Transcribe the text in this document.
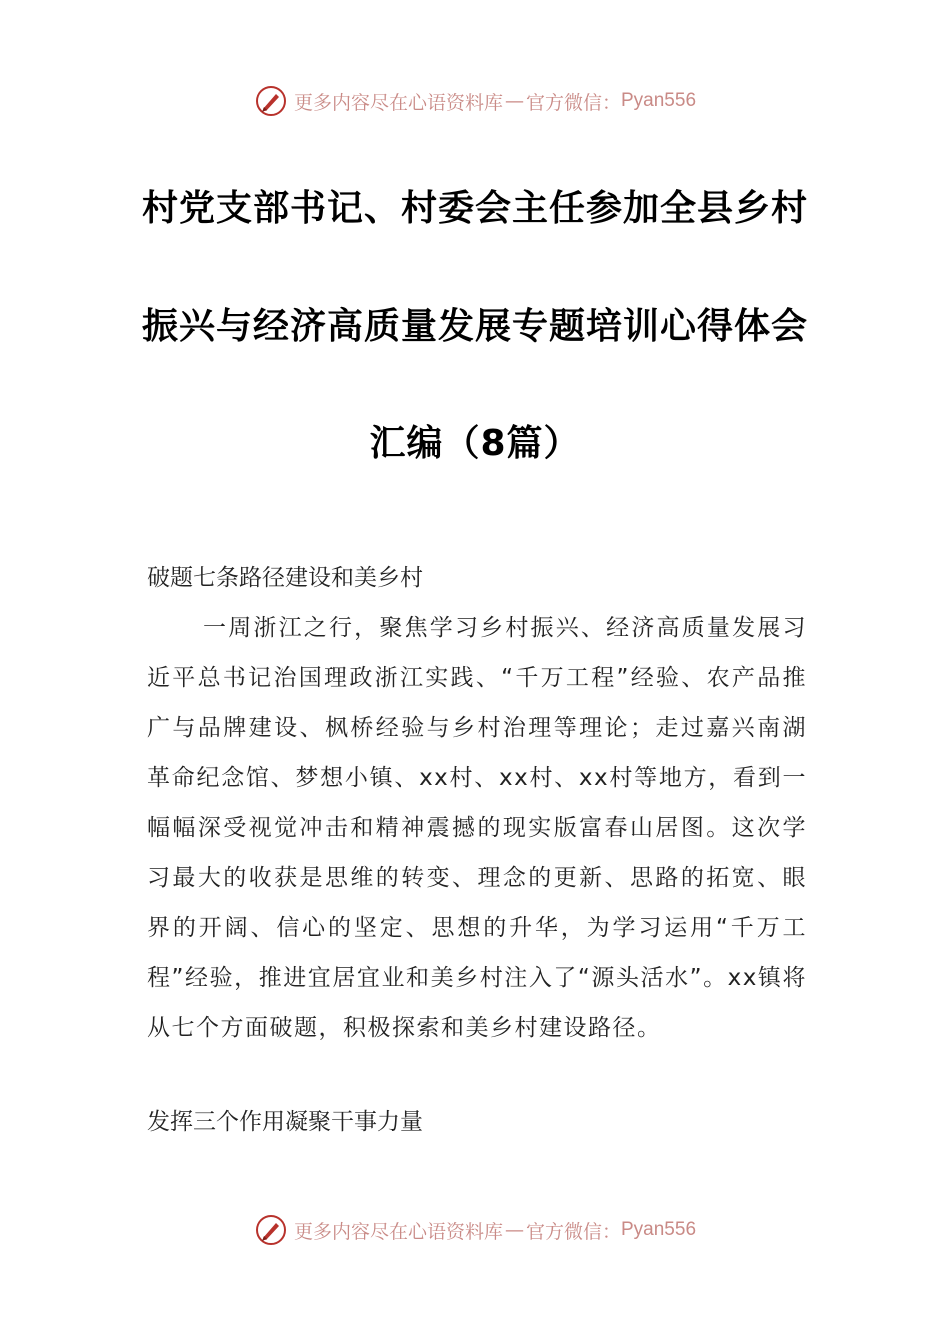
更多内容尽在心语资料库 — 官方微信： Pyan556
村党支部书记、村委会主任参加全县乡村
振兴与经济高质量发展专题培训心得体会
汇编（8篇）
破题七条路径建设和美乡村
一周浙江之行，聚焦学习乡村振兴、经济高质量发展习近平总书记治国理政浙江实践、“千万工程”经验、农产品推广与品牌建设、枫桥经验与乡村治理等理论；走过嘉兴南湖革命纪念馆、梦想小镇、xx村、xx村、xx村等地方，看到一幅幅深受视觉冲击和精神震撼的现实版富春山居图。这次学习最大的收获是思维的转变、理念的更新、思路的拓宽、眼界的开阔、信心的坚定、思想的升华，为学习运用“千万工程”经验，推进宜居宜业和美乡村注入了“源头活水”。xx镇将从七个方面破题，积极探索和美乡村建设路径。
发挥三个作用凝聚干事力量
更多内容尽在心语资料库 — 官方微信： Pyan556
